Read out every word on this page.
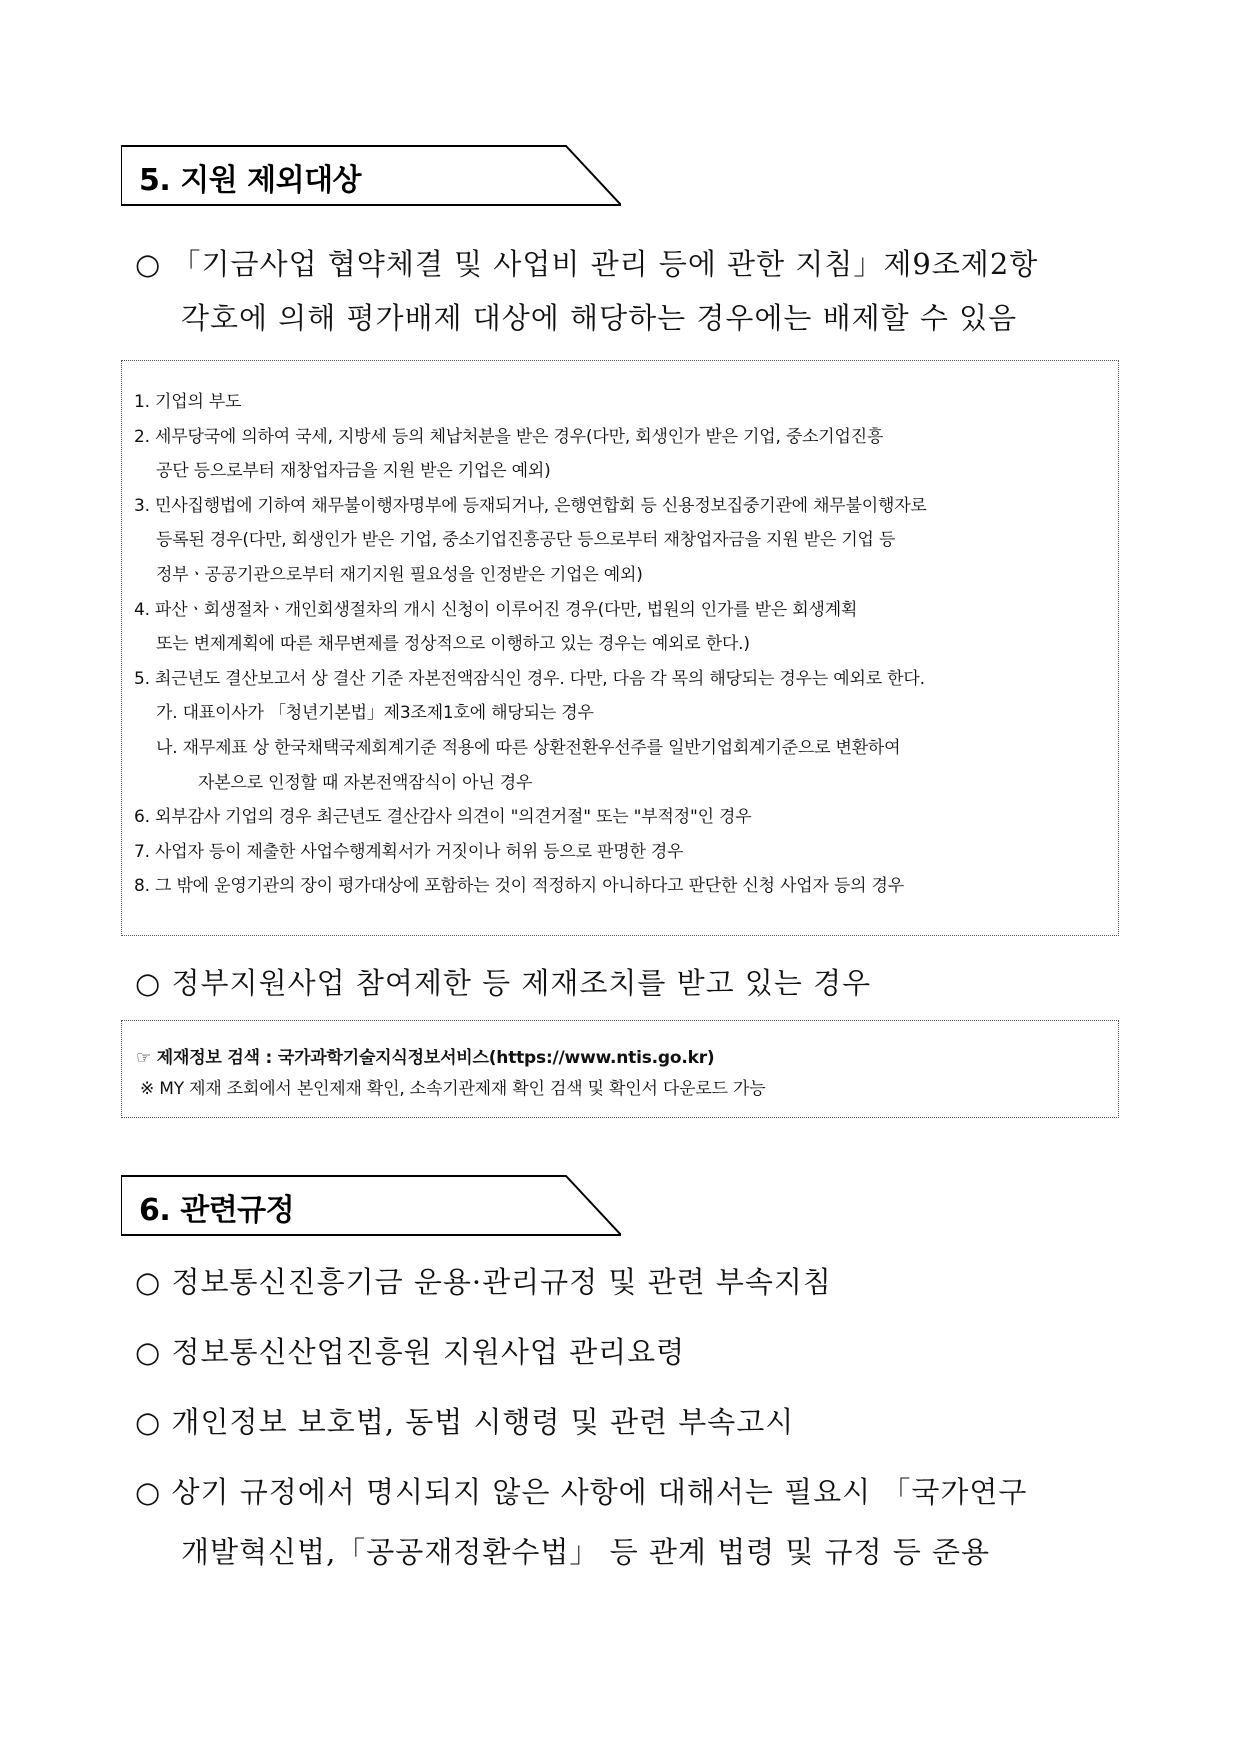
5. 지원 제외대상
○ 「기금사업 협약체결 및 사업비 관리 등에 관한 지침」제9조제2항
각호에 의해 평가배제 대상에 해당하는 경우에는 배제할 수 있음
1. 기업의 부도
2. 세무당국에 의하여 국세, 지방세 등의 체납처분을 받은 경우(다만, 회생인가 받은 기업, 중소기업진흥
공단 등으로부터 재창업자금을 지원 받은 기업은 예외)
3. 민사집행법에 기하여 채무불이행자명부에 등재되거나, 은행연합회 등 신용정보집중기관에 채무불이행자로
등록된 경우(다만, 회생인가 받은 기업, 중소기업진흥공단 등으로부터 재창업자금을 지원 받은 기업 등
정부ㆍ공공기관으로부터 재기지원 필요성을 인정받은 기업은 예외)
4. 파산ㆍ회생절차ㆍ개인회생절차의 개시 신청이 이루어진 경우(다만, 법원의 인가를 받은 회생계획
또는 변제계획에 따른 채무변제를 정상적으로 이행하고 있는 경우는 예외로 한다.)
5. 최근년도 결산보고서 상 결산 기준 자본전액잠식인 경우. 다만, 다음 각 목의 해당되는 경우는 예외로 한다.
가. 대표이사가 「청년기본법」제3조제1호에 해당되는 경우
나. 재무제표 상 한국채택국제회계기준 적용에 따른 상환전환우선주를 일반기업회계기준으로 변환하여
자본으로 인정할 때 자본전액잠식이 아닌 경우
6. 외부감사 기업의 경우 최근년도 결산감사 의견이 "의견거절" 또는 "부적정"인 경우
7. 사업자 등이 제출한 사업수행계획서가 거짓이나 허위 등으로 판명한 경우
8. 그 밖에 운영기관의 장이 평가대상에 포함하는 것이 적정하지 아니하다고 판단한 신청 사업자 등의 경우
○ 정부지원사업 참여제한 등 제재조치를 받고 있는 경우
☞ 제재정보 검색 : 국가과학기술지식정보서비스(https://www.ntis.go.kr)
※ MY 제재 조회에서 본인제재 확인, 소속기관제재 확인 검색 및 확인서 다운로드 가능
6. 관련규정
○ 정보통신진흥기금 운용·관리규정 및 관련 부속지침
○ 정보통신산업진흥원 지원사업 관리요령
○ 개인정보 보호법, 동법 시행령 및 관련 부속고시
○ 상기 규정에서 명시되지 않은 사항에 대해서는 필요시 「국가연구
개발혁신법,「공공재정환수법」 등 관계 법령 및 규정 등 준용
